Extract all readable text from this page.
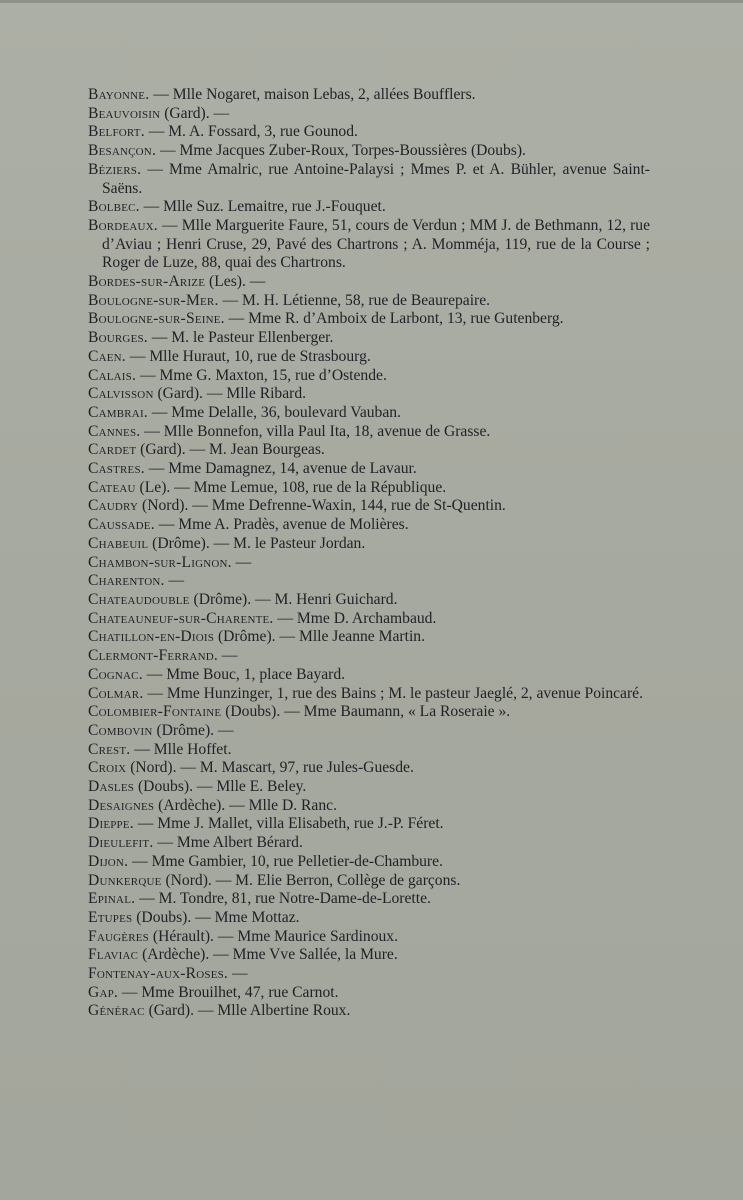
Bayonne. — Mlle Nogaret, maison Lebas, 2, allées Boufflers.
Beauvoisin (Gard). —
Belfort. — M. A. Fossard, 3, rue Gounod.
Besançon. — Mme Jacques Zuber-Roux, Torpes-Boussières (Doubs).
Béziers. — Mme Amalric, rue Antoine-Palaysi ; Mmes P. et A. Bühler, avenue Saint-Saëns.
Bolbec. — Mlle Suz. Lemaitre, rue J.-Fouquet.
Bordeaux. — Mlle Marguerite Faure, 51, cours de Verdun ; MM J. de Bethmann, 12, rue d’Aviau ; Henri Cruse, 29, Pavé des Chartrons ; A. Momméja, 119, rue de la Course ; Roger de Luze, 88, quai des Chartrons.
Bordes-sur-Arize (Les). —
Boulogne-sur-Mer. — M. H. Létienne, 58, rue de Beaurepaire.
Boulogne-sur-Seine. — Mme R. d’Amboix de Larbont, 13, rue Gutenberg.
Bourges. — M. le Pasteur Ellenberger.
Caen. — Mlle Huraut, 10, rue de Strasbourg.
Calais. — Mme G. Maxton, 15, rue d’Ostende.
Calvisson (Gard). — Mlle Ribard.
Cambrai. — Mme Delalle, 36, boulevard Vauban.
Cannes. — Mlle Bonnefon, villa Paul Ita, 18, avenue de Grasse.
Cardet (Gard). — M. Jean Bourgeas.
Castres. — Mme Damagnez, 14, avenue de Lavaur.
Cateau (Le). — Mme Lemue, 108, rue de la République.
Caudry (Nord). — Mme Defrenne-Waxin, 144, rue de St-Quentin.
Caussade. — Mme A. Pradès, avenue de Molières.
Chabeuil (Drôme). — M. le Pasteur Jordan.
Chambon-sur-Lignon. —
Charenton. —
Chateaudouble (Drôme). — M. Henri Guichard.
Chateauneuf-sur-Charente. — Mme D. Archambaud.
Chatillon-en-Diois (Drôme). — Mlle Jeanne Martin.
Clermont-Ferrand. —
Cognac. — Mme Bouc, 1, place Bayard.
Colmar. — Mme Hunzinger, 1, rue des Bains ; M. le pasteur Jaeglé, 2, avenue Poincaré.
Colombier-Fontaine (Doubs). — Mme Baumann, « La Roseraie ».
Combovin (Drôme). —
Crest. — Mlle Hoffet.
Croix (Nord). — M. Mascart, 97, rue Jules-Guesde.
Dasles (Doubs). — Mlle E. Beley.
Desaignes (Ardèche). — Mlle D. Ranc.
Dieppe. — Mme J. Mallet, villa Elisabeth, rue J.-P. Féret.
Dieulefit. — Mme Albert Bérard.
Dijon. — Mme Gambier, 10, rue Pelletier-de-Chambure.
Dunkerque (Nord). — M. Elie Berron, Collège de garçons.
Epinal. — M. Tondre, 81, rue Notre-Dame-de-Lorette.
Etupes (Doubs). — Mme Mottaz.
Faugères (Hérault). — Mme Maurice Sardinoux.
Flaviac (Ardèche). — Mme Vve Sallée, la Mure.
Fontenay-aux-Roses. —
Gap. — Mme Brouilhet, 47, rue Carnot.
Générac (Gard). — Mlle Albertine Roux.
